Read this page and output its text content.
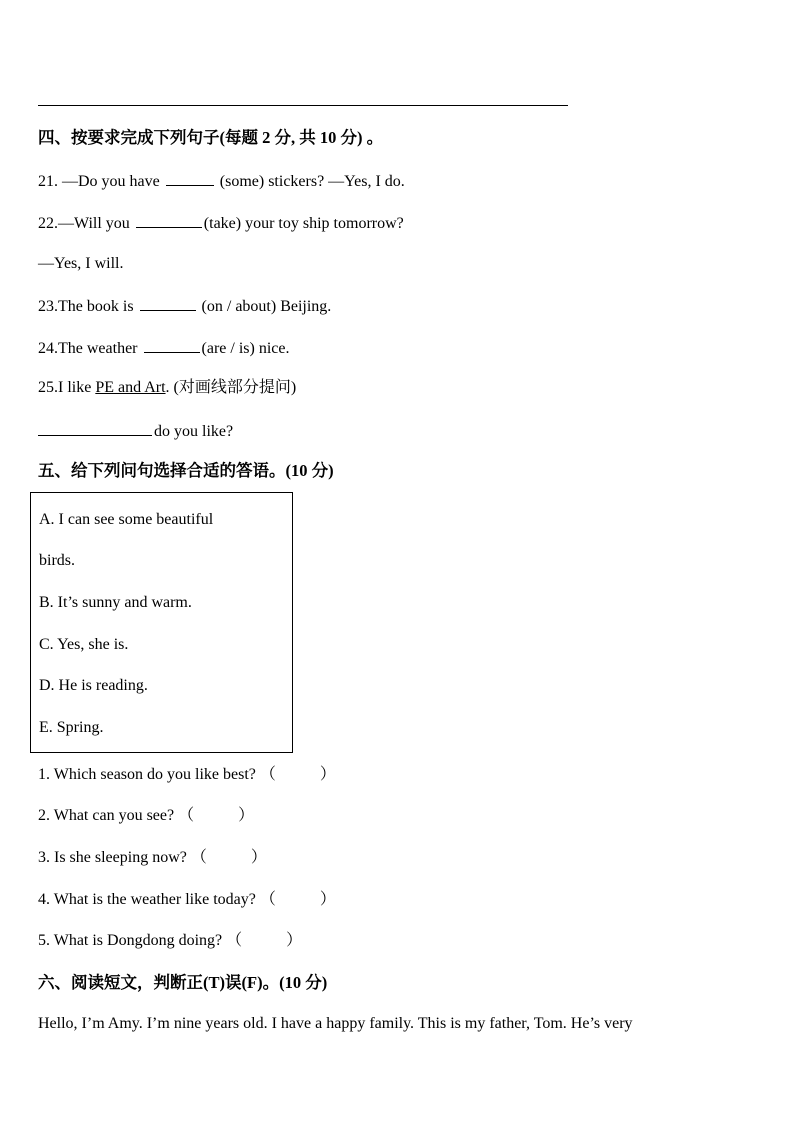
四、按要求完成下列句子(每题 2 分, 共 10 分) 。
21. —Do you have	(some) stickers? —Yes, I do.
22.—Will you	(take) your toy ship tomorrow?
—Yes, I will.
23.The book is	(on / about) Beijing.
24.The weather	(are / is) nice.
25.I like PE and Art. (对画线部分提问)
do you like?
五、给下列问句选择合适的答语。(10 分)
A. I can see some beautiful
birds.
B. It’s sunny and warm.
C. Yes, she is.
D. He is reading.
E. Spring.
1. Which season do you like best? （	）
2. What can you see? （	）
3. Is she sleeping now? （	）
4. What is the weather like today? （	）
5. What is Dongdong doing? （	）
六、阅读短文，判断正(T)误(F)。(10 分)
Hello, I’m Amy. I’m nine years old. I have a happy family. This is my father, Tom. He’s very
